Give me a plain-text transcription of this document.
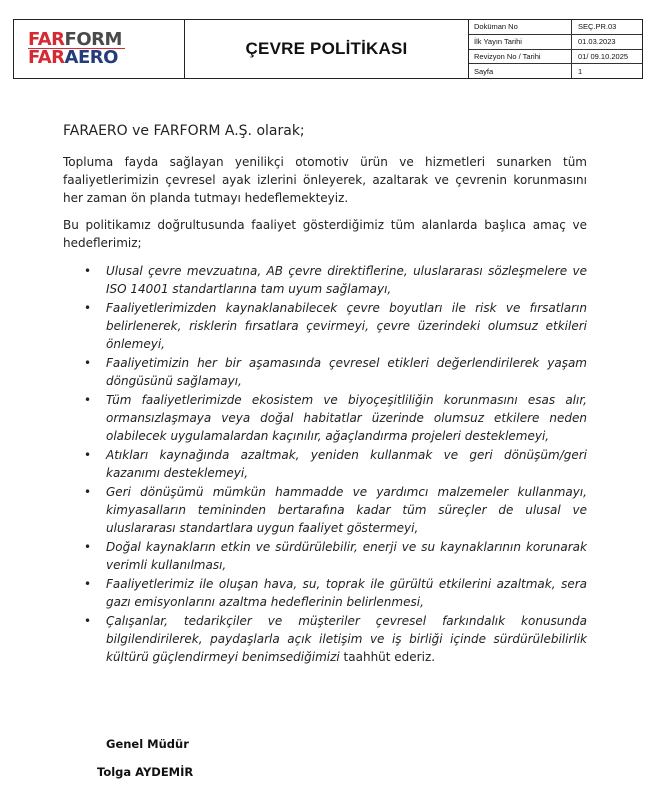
FARFORM
FARAERO	ÇEVRE POLİTİKASI
Doküman No	SEÇ.PR.03
İlk Yayın Tarihi	01.03.2023
Revizyon No / Tarihi	01/ 09.10.2025
Sayfa	1
FARAERO ve FARFORM A.Ş. olarak;
Topluma fayda sağlayan yenilikçi otomotiv ürün ve hizmetleri sunarken tüm faaliyetlerimizin çevresel ayak izlerini önleyerek, azaltarak ve çevrenin korunmasını her zaman ön planda tutmayı hedeflemekteyiz.
Bu politikamız doğrultusunda faaliyet gösterdiğimiz tüm alanlarda başlıca amaç ve hedeflerimiz;
• Ulusal çevre mevzuatına, AB çevre direktiflerine, uluslararası sözleşmelere ve ISO 14001 standartlarına tam uyum sağlamayı,
• Faaliyetlerimizden kaynaklanabilecek çevre boyutları ile risk ve fırsatların belirlenerek, risklerin fırsatlara çevirmeyi, çevre üzerindeki olumsuz etkileri önlemeyi,
• Faaliyetimizin her bir aşamasında çevresel etikleri değerlendirilerek yaşam döngüsünü sağlamayı,
• Tüm faaliyetlerimizde ekosistem ve biyoçeşitliliğin korunmasını esas alır, ormansızlaşmaya veya doğal habitatlar üzerinde olumsuz etkilere neden olabilecek uygulamalardan kaçınılır, ağaçlandırma projeleri desteklemeyi,
• Atıkları kaynağında azaltmak, yeniden kullanmak ve geri dönüşüm/geri kazanımı desteklemeyi,
• Geri dönüşümü mümkün hammadde ve yardımcı malzemeler kullanmayı, kimyasalların temininden bertarafına kadar tüm süreçler de ulusal ve uluslararası standartlara uygun faaliyet göstermeyi,
• Doğal kaynakların etkin ve sürdürülebilir, enerji ve su kaynaklarının korunarak verimli kullanılması,
• Faaliyetlerimiz ile oluşan hava, su, toprak ile gürültü etkilerini azaltmak, sera gazı emisyonlarını azaltma hedeflerinin belirlenmesi,
• Çalışanlar, tedarikçiler ve müşteriler çevresel farkındalık konusunda bilgilendirilerek, paydaşlarla açık iletişim ve iş birliği içinde sürdürülebilirlik kültürü güçlendirmeyi benimsediğimizi taahhüt ederiz.
Genel Müdür
Tolga AYDEMİR
